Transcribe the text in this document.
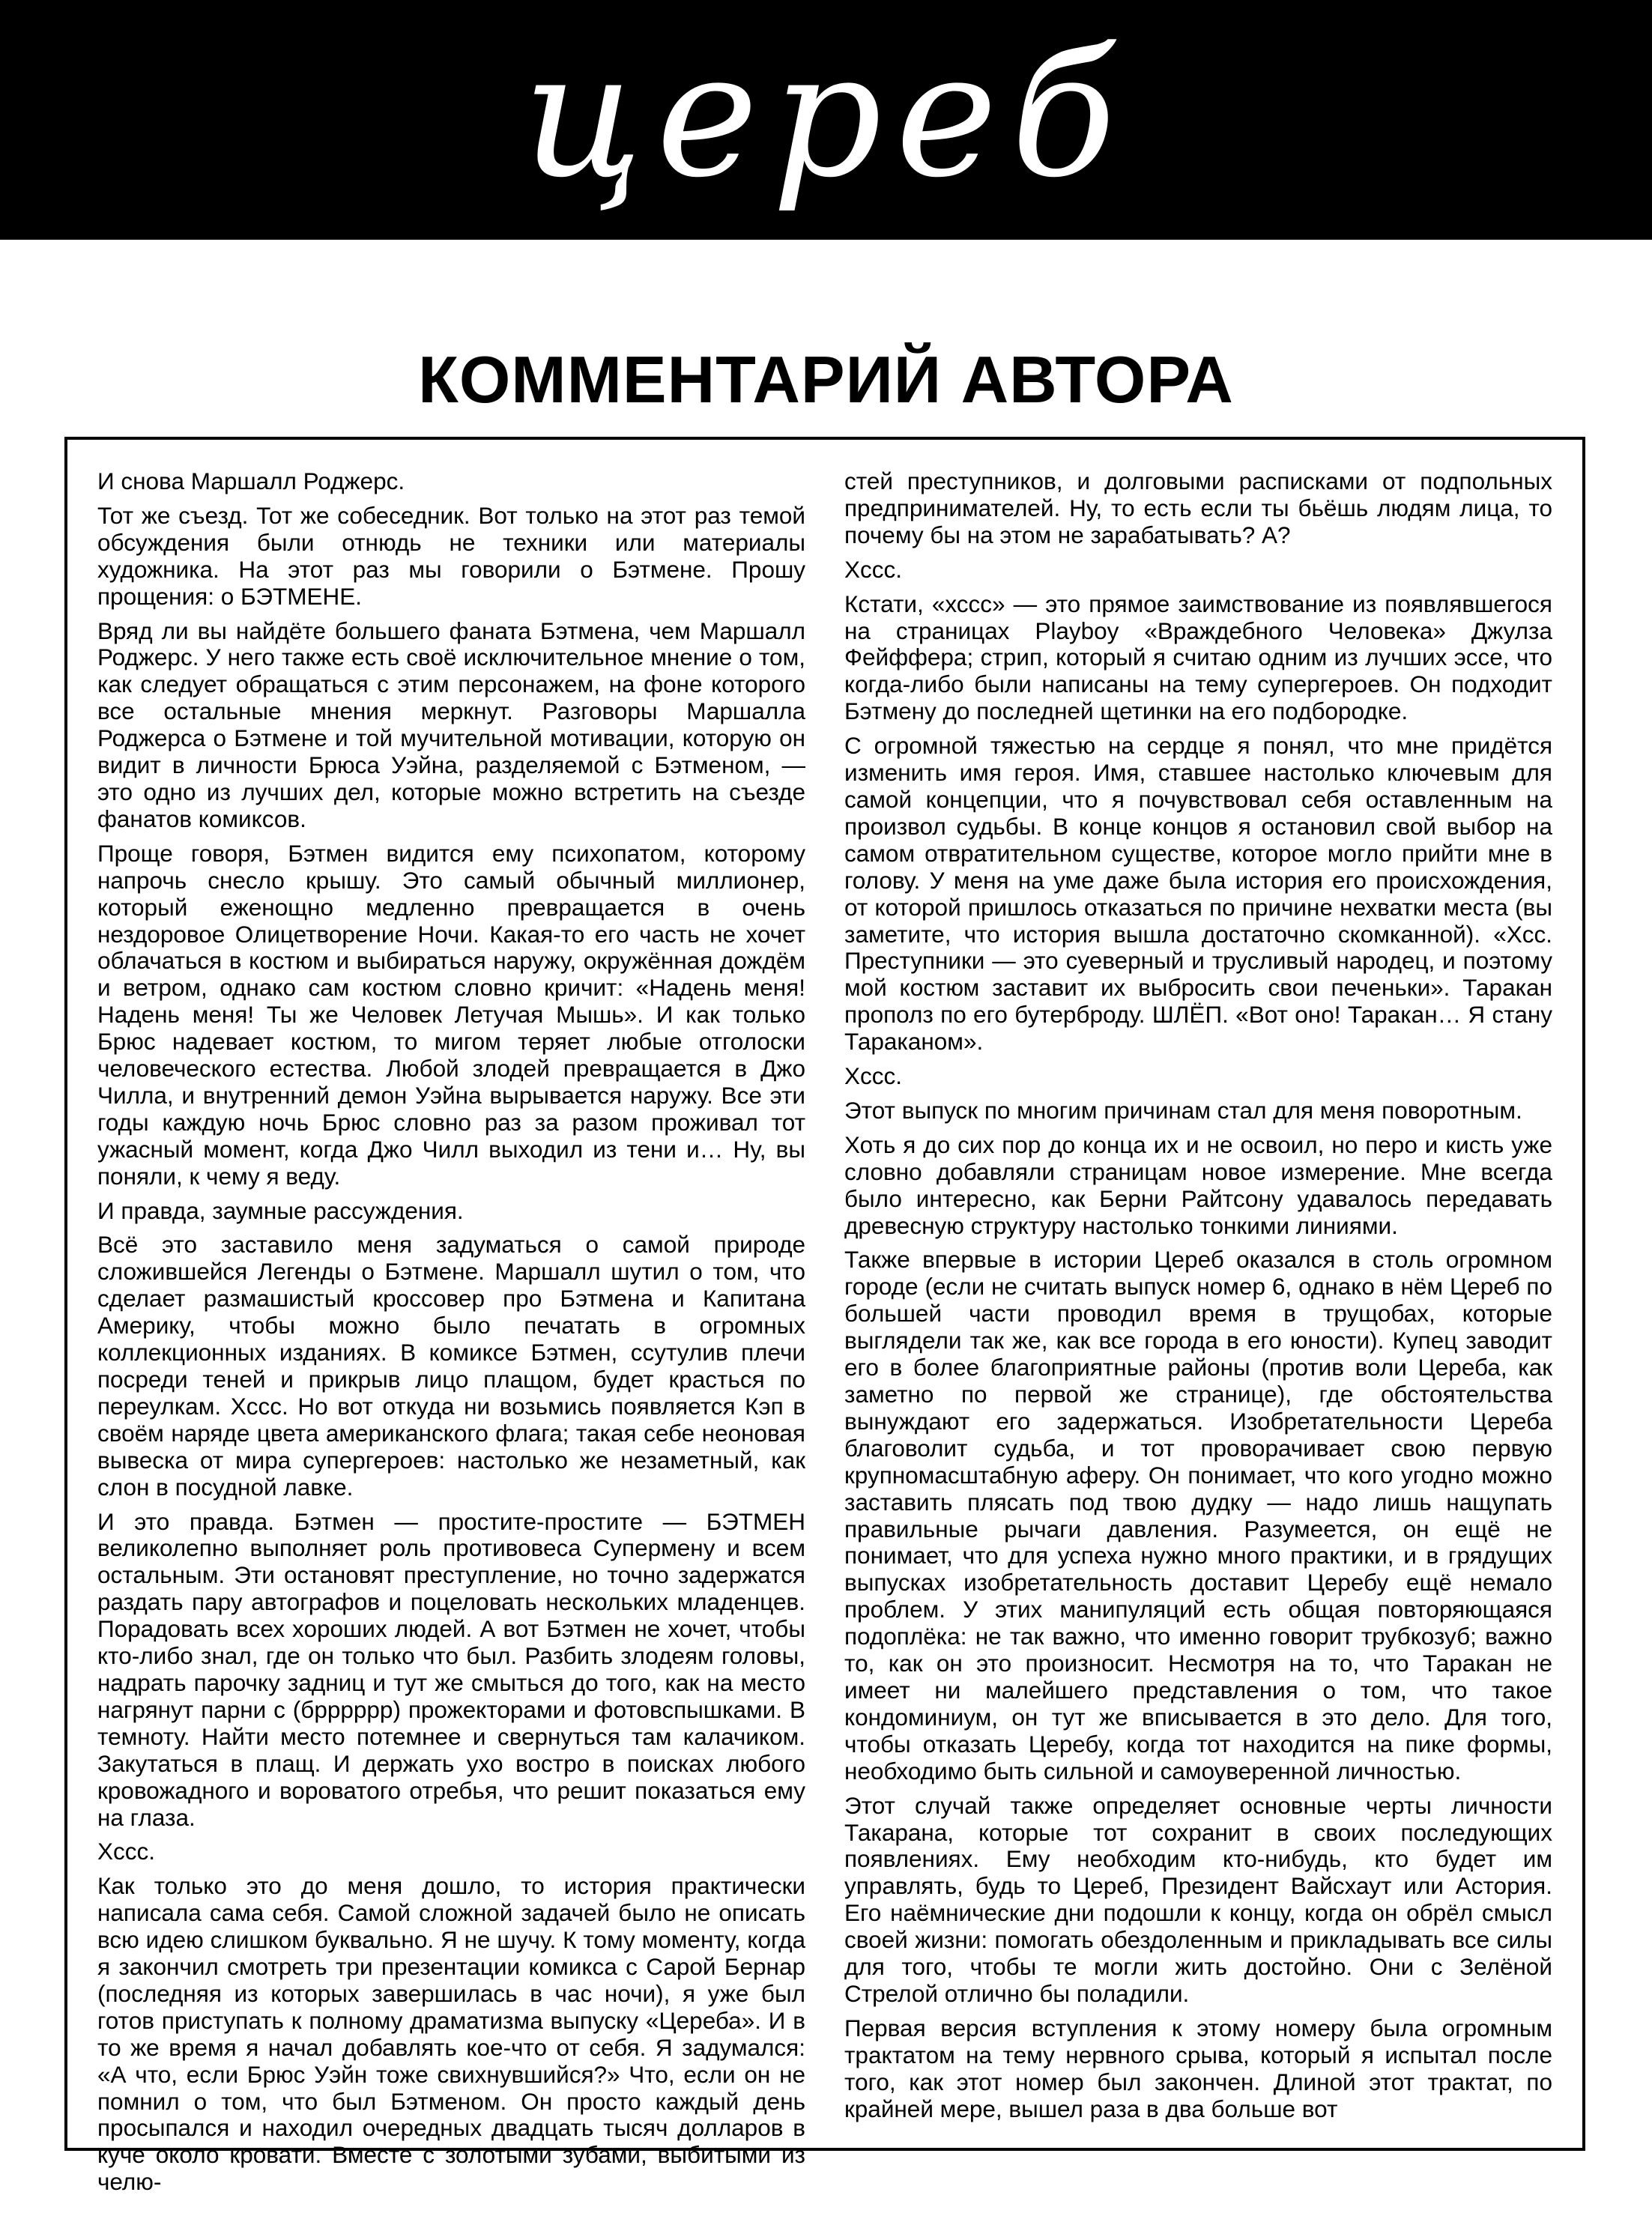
цереб
КОММЕНТАРИЙ АВТОРА

И снова Маршалл Роджерс.

Тот же съезд. Тот же собеседник. Вот только на этот раз темой обсуждения были отнюдь не техники или материалы художника. На этот раз мы говорили о Бэтмене. Прошу прощения: о БЭТМЕНЕ.

Вряд ли вы найдёте большего фаната Бэтмена, чем Маршалл Роджерс. У него также есть своё исключительное мнение о том, как следует обращаться с этим персонажем, на фоне которого все остальные мнения меркнут. Разговоры Маршалла Роджерса о Бэтмене и той мучительной мотивации, которую он видит в личности Брюса Уэйна, разделяемой с Бэтменом, — это одно из лучших дел, которые можно встретить на съезде фанатов комиксов.

Проще говоря, Бэтмен видится ему психопатом, которому напрочь снесло крышу. Это самый обычный миллионер, который еженощно медленно превращается в очень нездоровое Олицетворение Ночи. Какая-то его часть не хочет облачаться в костюм и выбираться наружу, окружённая дождём и ветром, однако сам костюм словно кричит: «Надень меня! Надень меня! Ты же Человек Летучая Мышь». И как только Брюс надевает костюм, то мигом теряет любые отголоски человеческого естества. Любой злодей превращается в Джо Чилла, и внутренний демон Уэйна вырывается наружу. Все эти годы каждую ночь Брюс словно раз за разом проживал тот ужасный момент, когда Джо Чилл выходил из тени и… Ну, вы поняли, к чему я веду.

И правда, заумные рассуждения.

Всё это заставило меня задуматься о самой природе сложившейся Легенды о Бэтмене. Маршалл шутил о том, что сделает размашистый кроссовер про Бэтмена и Капитана Америку, чтобы можно было печатать в огромных коллекционных изданиях. В комиксе Бэтмен, ссутулив плечи посреди теней и прикрыв лицо плащом, будет красться по переулкам. Хссс. Но вот откуда ни возьмись появляется Кэп в своём наряде цвета американского флага; такая себе неоновая вывеска от мира супергероев: настолько же незаметный, как слон в посудной лавке.

И это правда. Бэтмен — простите-простите — БЭТМЕН великолепно выполняет роль противовеса Супермену и всем остальным. Эти остановят преступление, но точно задержатся раздать пару автографов и поцеловать нескольких младенцев. Порадовать всех хороших людей. А вот Бэтмен не хочет, чтобы кто-либо знал, где он только что был. Разбить злодеям головы, надрать парочку задниц и тут же смыться до того, как на место нагрянут парни с (брррррр) прожекторами и фотовспышками. В темноту. Найти место потемнее и свернуться там калачиком. Закутаться в плащ. И держать ухо востро в поисках любого кровожадного и вороватого отребья, что решит показаться ему на глаза.

Хссс.

Как только это до меня дошло, то история практически написала сама себя. Самой сложной задачей было не описать всю идею слишком буквально. Я не шучу. К тому моменту, когда я закончил смотреть три презентации комикса с Сарой Бернар (последняя из которых завершилась в час ночи), я уже был готов приступать к полному драматизма выпуску «Цереба». И в то же время я начал добавлять кое-что от себя. Я задумался: «А что, если Брюс Уэйн тоже свихнувшийся?» Что, если он не помнил о том, что был Бэтменом. Он просто каждый день просыпался и находил очередных двадцать тысяч долларов в куче около кровати. Вместе с золотыми зубами, выбитыми из челю-

стей преступников, и долговыми расписками от подпольных предпринимателей. Ну, то есть если ты бьёшь людям лица, то почему бы на этом не зарабатывать? А?

Хссс.

Кстати, «хссс» — это прямое заимствование из появлявшегося на страницах Playboy «Враждебного Человека» Джулза Фейффера; стрип, который я считаю одним из лучших эссе, что когда-либо были написаны на тему супергероев. Он подходит Бэтмену до последней щетинки на его подбородке.

С огромной тяжестью на сердце я понял, что мне придётся изменить имя героя. Имя, ставшее настолько ключевым для самой концепции, что я почувствовал себя оставленным на произвол судьбы. В конце концов я остановил свой выбор на самом отвратительном существе, которое могло прийти мне в голову. У меня на уме даже была история его происхождения, от которой пришлось отказаться по причине нехватки места (вы заметите, что история вышла достаточно скомканной). «Хсс. Преступники — это суеверный и трусливый народец, и поэтому мой костюм заставит их выбросить свои печеньки». Таракан прополз по его бутерброду. ШЛЁП. «Вот оно! Таракан… Я стану Тараканом».

Хссс.

Этот выпуск по многим причинам стал для меня поворотным.

Хоть я до сих пор до конца их и не освоил, но перо и кисть уже словно добавляли страницам новое измерение. Мне всегда было интересно, как Берни Райтсону удавалось передавать древесную структуру настолько тонкими линиями.

Также впервые в истории Цереб оказался в столь огромном городе (если не считать выпуск номер 6, однако в нём Цереб по большей части проводил время в трущобах, которые выглядели так же, как все города в его юности). Купец заводит его в более благоприятные районы (против воли Цереба, как заметно по первой же странице), где обстоятельства вынуждают его задержаться. Изобретательности Цереба благоволит судьба, и тот проворачивает свою первую крупномасштабную аферу. Он понимает, что кого угодно можно заставить плясать под твою дудку — надо лишь нащупать правильные рычаги давления. Разумеется, он ещё не понимает, что для успеха нужно много практики, и в грядущих выпусках изобретательность доставит Церебу ещё немало проблем. У этих манипуляций есть общая повторяющаяся подоплёка: не так важно, что именно говорит трубкозуб; важно то, как он это произносит. Несмотря на то, что Таракан не имеет ни малейшего представления о том, что такое кондоминиум, он тут же вписывается в это дело. Для того, чтобы отказать Церебу, когда тот находится на пике формы, необходимо быть сильной и самоуверенной личностью.

Этот случай также определяет основные черты личности Такарана, которые тот сохранит в своих последующих появлениях. Ему необходим кто-нибудь, кто будет им управлять, будь то Цереб, Президент Вайсхаут или Астория. Его наёмнические дни подошли к концу, когда он обрёл смысл своей жизни: помогать обездоленным и прикладывать все силы для того, чтобы те могли жить достойно. Они с Зелёной Стрелой отлично бы поладили.

Первая версия вступления к этому номеру была огромным трактатом на тему нервного срыва, который я испытал после того, как этот номер был закончен. Длиной этот трактат, по крайней мере, вышел раза в два больше вот
